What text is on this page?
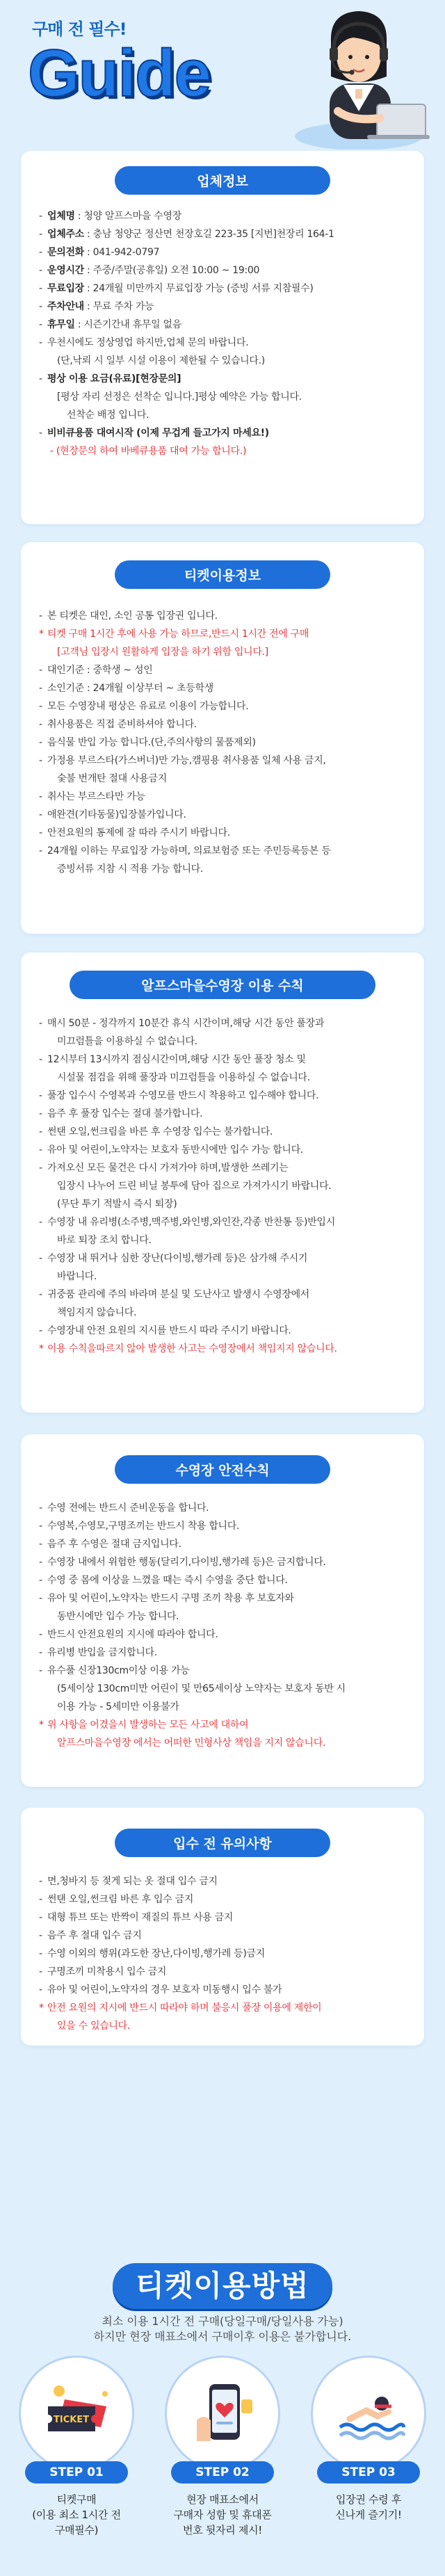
구매 전 필수!
Guide
업체정보
- 업체명 : 청양 알프스마을 수영장
- 업체주소 : 충남 청양군 정산면 천장호길 223-35 [지번]천장리 164-1
- 문의전화 : 041-942-0797
- 운영시간 : 주중/주말(공휴일) 오전 10:00 ~ 19:00
- 무료입장 : 24개월 미만까지 무료입장 가능 (증빙 서류 지참필수)
- 주차안내 : 무료 주차 가능
- 휴무일 : 시즌기간내 휴무일 없음
- 우천시에도 정상영업 하지만,업체 문의 바랍니다.
(단,낙뢰 시 일부 시설 이용이 제한될 수 있습니다.)
- 평상 이용 요금(유료)[현장문의]
[평상 자리 선정은 선착순 입니다.]평상 예약은 가능 합니다.
선착순 배정 입니다.
- 비비큐용품 대여시작 (이제 무겁게 들고가지 마세요!)
- (현장문의 하여 바베큐용품 대여 가능 합니다.)
티켓이용정보
- 본 티켓은 대인, 소인 공통 입장권 입니다.
* 티켓 구매 1시간 후에 사용 가능 하므로,반드시 1시간 전에 구매
[고객님 입장시 원활하게 입장을 하기 위함 입니다.]
- 대인기준 : 중학생 ~ 성인
- 소인기준 : 24개월 이상부터 ~ 초등학생
- 모든 수영장내 평상은 유료로 이용이 가능합니다.
- 취사용품은 직접 준비하셔야 합니다.
- 음식물 반입 가능 합니다.(단,주의사항의 물품제외)
- 가정용 부르스타(가스버너)만 가능,캠핑용 취사용품 일체 사용 금지,
숯불 번개탄 절대 사용금지
- 취사는 부르스타만 가능
- 애완견(기타동물)입장불가입니다.
- 안전요원의 통제에 잘 따라 주시기 바랍니다.
- 24개월 이하는 무료입장 가능하며, 의료보험증 또는 주민등록등본 등
증빙서류 지참 시 적용 가능 합니다.
알프스마을수영장 이용 수칙
- 매시 50분 - 정각까지 10분간 휴식 시간이며,해당 시간 동안 풀장과
미끄럼틀을 이용하실 수 없습니다.
- 12시부터 13시까지 점심시간이며,해당 시간 동안 풀장 청소 및
시설물 점검을 위해 풀장과 미끄럼틀을 이용하실 수 없습니다.
- 풀장 입수시 수영복과 수영모를 반드시 착용하고 입수해야 합니다.
- 음주 후 풀장 입수는 절대 불가합니다.
- 썬탠 오일,썬크림을 바른 후 수영장 입수는 불가합니다.
- 유아 및 어린이,노약자는 보호자 동반시에만 입수 가능 합니다.
- 가져오신 모든 물건은 다시 가져가야 하며,발생한 쓰레기는
입장시 나누어 드린 비닐 봉투에 담아 집으로 가져가시기 바랍니다.
(무단 투기 적발시 즉시 퇴장)
- 수영장 내 유리병(소주병,맥주병,와인병,와인잔,각종 반찬통 등)반입시
바로 퇴장 조치 합니다.
- 수영장 내 뛰거나 심한 장난(다이빙,행가레 등)은 삼가해 주시기
바랍니다.
- 귀중품 관리에 주의 바라며 분실 및 도난사고 발생시 수영장에서
책임지지 않습니다.
- 수영장내 안전 요원의 지시를 반드시 따라 주시기 바랍니다.
* 이용 수칙을따르지 않아 발생한 사고는 수영장에서 책임지지 않습니다.
수영장 안전수칙
- 수영 전에는 반드시 준비운동을 합니다.
- 수영복,수영모,구명조끼는 반드시 착용 합니다.
- 음주 후 수영은 절대 금지입니다.
- 수영장 내에서 위험한 행동(달리기,다이빙,행가레 등)은 금지합니다.
- 수영 중 몸에 이상을 느꼈을 때는 즉시 수영을 중단 합니다.
- 유아 및 어린이,노약자는 반드시 구명 조끼 착용 후 보호자와
동반시에만 입수 가능 합니다.
- 반드시 안전요원의 지시에 따라야 합니다.
- 유리병 반입을 금지합니다.
- 유수풀 신장130cm이상 이용 가능
(5세이상 130cm미만 어린이 및 만65세이상 노약자는 보호자 동반 시
이용 가능 - 5세미만 이용불가
* 위 사항을 어겼을시 발생하는 모든 사고에 대하여
알프스마을수영장 에서는 어떠한 민형사상 책임을 지지 않습니다.
입수 전 유의사항
- 면,청바지 등 젖게 되는 옷 절대 입수 금지
- 썬탠 오일,썬크림 바른 후 입수 금지
- 대형 튜브 또는 반짝이 재질의 튜브 사용 금지
- 음주 후 절대 입수 금지
- 수영 이외의 행위(과도한 장난,다이빙,행가레 등)금지
- 구명조끼 미착용시 입수 금지
- 유아 및 어린이,노약자의 경우 보호자 미동행시 입수 불가
* 안전 요원의 지시에 반드시 따라야 하며 불응시 풀장 이용에 제한이
있을 수 있습니다.
티켓이용방법
최소 이용 1시간 전 구매(당일구매/당일사용 가능)
하지만 현장 매표소에서 구매이후 이용은 불가합니다.
TICKET
STEP 01
티켓구매
(이용 최소 1시간 전
구매필수)
STEP 02
현장 매표소에서
구매자 성함 및 휴대폰
번호 뒷자리 제시!
STEP 03
입장권 수령 후
신나게 즐기기!
